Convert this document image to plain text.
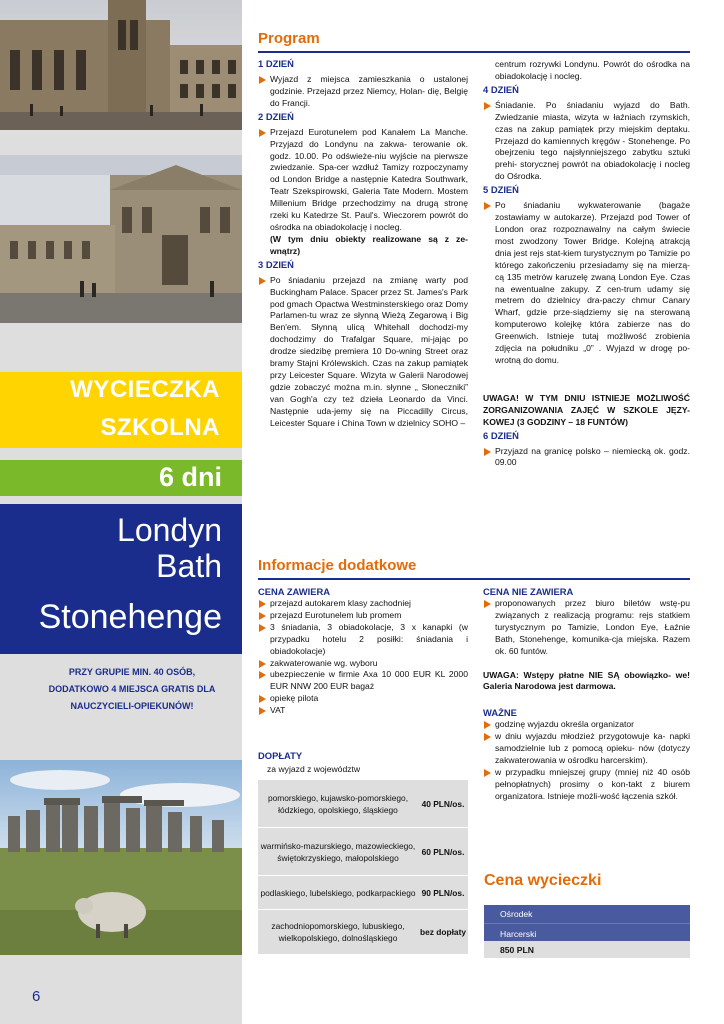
WYCIECZKA
SZKOLNA
6 dni
Londyn
Bath
Stonehenge
PRZY GRUPIE MIN. 40 OSÓB, DODATKOWO 4 MIEJSCA GRATIS DLA NAUCZYCIELI-OPIEKUNÓW!
6
Program
1 DZIEŃ
Wyjazd z miejsca zamieszkania o ustalonej godzinie. Przejazd przez Niemcy, Holan- dię, Belgię do Francji.
2 DZIEŃ
Przejazd Eurotunelem pod Kanałem La Manche. Przyjazd do Londynu na zakwa- terowanie ok. godz. 10.00. Po odświeże-niu wyjście na pierwsze zwiedzanie. Spa-cer wzdłuż Tamizy rozpoczynamy od London Bridge a następnie Katedra Southwark, Teatr Szekspirowski, Galeria Tate Modern. Mostem Millenium Bridge przechodzimy na drugą stronę rzeki ku Katedrze St. Paul's. Wieczorem powrót do ośrodka na obiadokolację i nocleg.
(W tym dniu obiekty realizowane są z ze- wnątrz)
3 DZIEŃ
Po śniadaniu przejazd na zmianę warty pod Buckingham Palace. Spacer przez St. James's Park pod gmach Opactwa Westminsterskiego oraz Domy Parlamen-tu wraz ze słynną Wieżą Zegarową i Big Ben'em. Słynną ulicą Whitehall dochodzi-my dochodzimy do Trafalgar Square, mi-jając po drodze siedzibę premiera 10 Do-wning Street oraz bramy Stajni Królewskich. Czas na zakup pamiątek przy Leicester Square. Wizyta w Galerii Narodowej gdzie zobaczyć można m.in. słynne „ Słoneczniki” van Gogh'a czy też dzieła Leonardo da Vinci. Następnie uda-jemy się na Piccadilly Circus, Leicester Square i China Town w dzielnicy SOHO –
centrum rozrywki Londynu. Powrót do ośrodka na obiadokolację i nocleg.
4 DZIEŃ
Śniadanie. Po śniadaniu wyjazd do Bath. Zwiedzanie miasta, wizyta w łaźniach rzymskich, czas na zakup pamiątek przy miejskim deptaku. Przejazd do kamiennych kręgów - Stonehenge. Po obejrzeniu tego najsłynniejszego zabytku sztuki prehi- storycznej powrót na obiadokolację i nocleg do Ośrodka.
5 DZIEŃ
Po śniadaniu wykwaterowanie (bagaże zostawiamy w autokarze). Przejazd pod Tower of London oraz rozpoznawalny na całym świecie most zwodzony Tower Bridge. Kolejną atrakcją dnia jest rejs stat-kiem turystycznym po Tamizie po którego zakończeniu przesiadamy się na mierzą-cą 135 metrów karuzelę zwaną London Eye. Czas na ewentualne zakupy. Z cen-trum udamy się metrem do dzielnicy dra-paczy chmur Canary Wharf, gdzie prze-siądziemy się na sterowaną komputerowo kolejkę która zabierze nas do Greenwich. Istnieje tutaj możliwość zrobienia zdjęcia na południku „0” . Wyjazd w drogę po-wrotną do domu.
UWAGA! W TYM DNIU ISTNIEJE MOŻLIWOŚĆ ZORGANIZOWANIA ZAJĘĆ W SZKOLE JĘZY- KOWEJ (3 GODZINY – 18 FUNTÓW)
6 DZIEŃ
Przyjazd na granicę polsko – niemiecką ok. godz. 09.00
Informacje dodatkowe
CENA ZAWIERA
przejazd autokarem klasy zachodniej
przejazd Eurotunelem lub promem
3 śniadania, 3 obiadokolacje, 3 x kanapki (w przypadku hotelu 2 posiłki: śniadania i obiadokolacje)
zakwaterowanie wg. wyboru
ubezpieczenie w firmie Axa 10 000 EUR KL 2000 EUR NNW 200 EUR bagaż
opiekę pilota
VAT
DOPŁATY
za wyjazd z województw
pomorskiego, kujawsko-pomorskiego, łódzkiego, opolskiego, śląskiego
40 PLN/os.
warmińsko-mazurskiego, mazowieckiego, świętokrzyskiego, małopolskiego
60 PLN/os.
podlaskiego, lubelskiego, podkarpackiego 90 PLN/os.
zachodniopomorskiego, lubuskiego, wielkopolskiego, dolnośląskiego
bez dopłaty
CENA NIE ZAWIERA
proponowanych przez biuro biletów wstę-pu związanych z realizacją programu: rejs statkiem turystycznym po Tamizie, London Eye, Łaźnie Bath, Stonehenge, komunika-cja miejska. Razem ok. 60 funtów.
UWAGA: Wstępy płatne NIE SĄ obowiązko- we! Galeria Narodowa jest darmowa.
WAŻNE
godzinę wyjazdu określa organizator
w dniu wyjazdu młodzież przygotowuje ka- napki samodzielnie lub z pomocą opieku- nów (dotyczy zakwaterowania w ośrodku harcerskim).
w przypadku mniejszej grupy (mniej niż 40 osób pełnopłatnych) prosimy o kon-takt z biurem organizatora. Istnieje możli-wość łączenia szkół.
Cena wycieczki
Ośrodek
Harcerski
850 PLN
